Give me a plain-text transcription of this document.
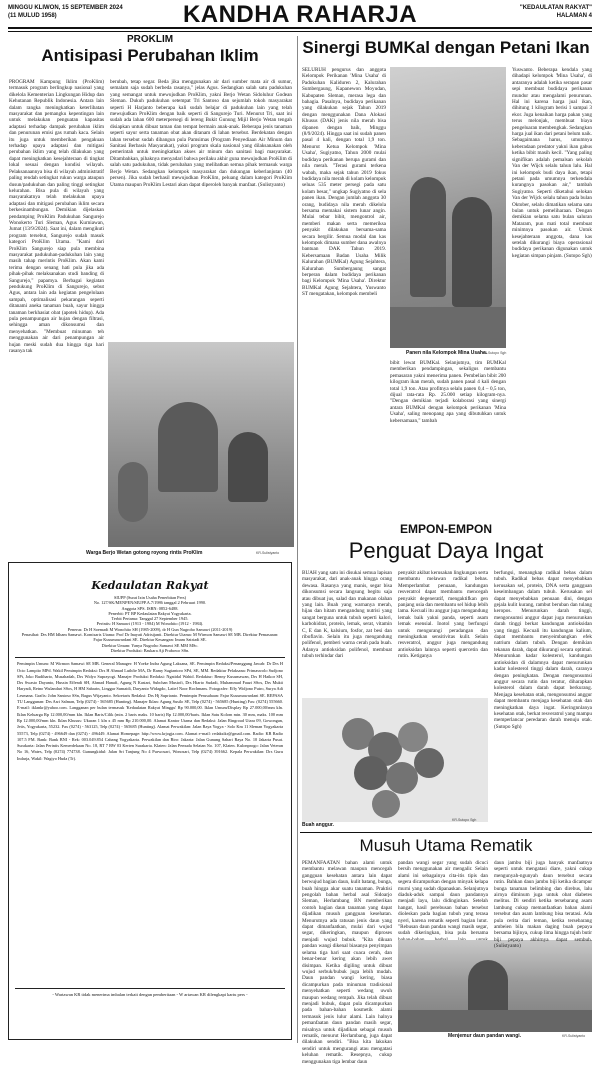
MINGGU KLIWON, 15 SEPTEMBER 2024
(11 MULUD 1958)	KANDHA RAHARJA	"KEDAULATAN RAKYAT"
HALAMAN 4
PROKLIM
Antisipasi Perubahan Iklim
PROGRAM Kampung Iklim (ProKlim) termasuk program berlingkup nasional yang dikelola Kementerian Lingkungan Hidup dan Kehutanan Republik Indonesia. Antara lain dalam rangka meningkatkan keterlibatan masyarakat dan pemangku kepentingan lain untuk melakukan penguatan kapasitas adaptasi terhadap dampak perubahan iklim dan penurunan emisi gas rumah kaca. Selain itu juga untuk memberikan pengakuan terhadap upaya adaptasi dan mitigasi perubahan iklim yang telah dilakukan yang dapat meningkatkan kesejahteraan di tingkat lokal sesuai dengan kondisi wilayah. Pelaksanaannya bisa di wilayah administratif paling rendah setingkat rukun warga ataupun dusun/padukuhan dan paling tinggi setingkat kelurahan. Bisa pula di wilayah yang masyarakatnya telah melakukan upaya adaptasi dan mitigasi perubahan iklim secara berkesinambungan. Demikian dijelaskan pendamping ProKlim Padukuhan Sangurejo Wonokerto Turi Sleman, Agus Kurniawan, Jumat (13/9/2024). Saat ini, dalam mengikuti program tersebut, Sangurejo sudah masuk kategori ProKlim Utama. "Kami dari ProKlim Sangurejo siap pula membina masyarakat padukuhan-padukuhan lain yang masih tahap merintis ProKlim. Akan kami terima dengan senang hati pula jika ada pihak-pihak melaksanakan studi banding di Sangurejo," papamya. Berbagai kegiatan pendukung ProKlim di Sangurejo, sebut Agus, antara lain ada kegiatan pengelolaan sampah, optimalisasi pekarangan seperti ditanami aneka tanaman buah, sayur hingga tanaman berkhasiat obat (apotek hidup). Ada pula penampungan air hujan dengan filtrasi, sehingga aman dikonsumsi dan menyehatkan. "Membuat minuman teh menggunakan air dari penampungan air hujan meski sudah dua hingga tiga hari rasanya tak
berubah, tetap segar. Beda jika menggunakan air dari sumber mata air di sumur, semalam saja sudah berbeda rasanya," jelas Agus. Sedangkan salah satu padukuhan yang semangat untuk mewujudkan ProKlim, yakni Berjo Wetan Sidoluhur Godean Sleman. Dukuh padukuhan setempat Tri Santoso dan sejumlah tokoh masyarakat seperti H Harjanto beberapa kali sudah belajar di padukuhan lain yang telah mewujudkan ProKlim dengan baik seperti di Sangurejo Turi. Menurut Tri, saat ini sudah ada lahan 600 meterpersegi di lereng Bukit Gunung Mijil Berjo Wetan tengah disiapkan untuk dibuat taman dan tempat bermain anak-anak. Beberapa jenis tanaman seperti sayur serta tanaman obat akan ditanam di lahan tersebut. Berdekatan dengan lahan tersebut sudah dibangun pula Pamsimas (Program Penyediaan Air Minum dan Sanitasi Berbasis Masyarakat), yakni program skala nasional yang dilaksanakan oleh pemerintah untuk meningkatkan akses air minum dan sanitasi bagi masyarakat. Ditambahkan, pihaknya menyadari bahwa perilaku akhir guna mewujudkan ProKlim di salah satu padukuhan, tidak perubahan yang melibatkan semua pihak termasuk warga Berjo Wetan. Sedangkan kelompok masyarakat dan dukungan keberlanjutan (40 persen). Jika sudah berhasil mewujudkan ProKlim, peluang dalam kategori ProKlim Utama maupun ProKlim Lestari akan dapat diperoleh banyak manfaat. (Sulistyanto)
Warga Berjo Wetan gotong royong rintis ProKlim	KR-Sulistyanto
Sinergi BUMKal dengan Petani Ikan
SELURUH pengurus dan anggota Kelompok Perikanan 'Mina Usaha' di Padukuhan Kaliduren 2, Kalurahan Sumbergaung, Kapanewon Moyudan, Kabupaten Sleman, merasa lega dan bahagia. Pasalnya, budidaya perikanan yang dilakukan sejak Tahun 2019 dengan menggunakan Dana Alokasi Khusus (DAK) jenis nila merah bisa dipanen dengan baik, Minggu (8/9/2024). Hingga saat ini sudah panen pasal 4 kali, dengan total 1,9 ton. Menurut Ketua Kelompok 'Mina Usaha', Sugiyatno, Tahun 2000 mulai budidaya perikanan berupa gurami dan nila merah. "Terasi gurami terkena wabah, maka sejak tahun 2019 fokus budidaya nila merah di kolam kelompok seluas 535 meter persegi pada satu kolam besar," ungkap Sugiyatno di sela panen ikan. Dengan jumlah anggota 30 orang, budidaya nila merah dikelola bersama memakai sistem lunar angin. Mulai tebar bibit, mengontrol air, memberi makan serta memeriksa penyakit dilakukan bersama-sama secara bergilir. Semua modal dan kas kelompok dimana sumber dana awalnya bantuan DAK Tahun 2019. Kebersamaan Badan Usaha Milik Kalurahan (BUMKal) Agung Sejahtera, Kalurahan Sumbergaung sangat berperan dalam budidaya perikanan bagi Kelompok 'Mina Usaha'. Direktur BUMKal Agung Sejahtera, Yuswanto ST mengatakan, kelompok membeli
Panen nila Kelompok Mina Usaha.
KR-Sutopo Sgh
bibit lewat BUMKal. Selanjutnya, tim BUMKal memberikan pendampingan, sekaligus membantu pemasaran yakni menerima panen. Pembelian bibit 200 kilogram ikan merah, sudah panen pasal 4 kali dengan total 1,9 ton. Atau profitnya selalu panen 0,4 – 0,5 ton, dijual rata-rata Rp. 25.000 setiap kilogram-nya. "Dengan demikian terjadi kolaborasi yang sinergi antara BUMKal dengan kelompok perikanan 'Mina Usaha', saling menopang apa yang dibutuhkan untuk kebersamaan," tambah
Yuswanto. Beberapa kendala yang dihadapi kelompok 'Mina Usaha', di antaranya adalah ketika serapan pasar sepi membuat budidaya perikanan mundur atau mengalami penurunan. Hal ini karena harga jual ikan, dihitung 1 kilogram berisi 1 sampai 3 ekor. Juga kenaikan harga pakan yang terus melonjak, membuat biaya pengeluaran membengkak. Sedangkan harga jual ikan dari petani belum naik. Sebagaimana harus, umumnya keberadaan predator yakni ikan gabus ketika bibit masih kecil. "Yang paling signifikan adalah pemalsan sekolah Van der Wijck selalu tahun lalu. Hal ini kelompok budi daya ikan, tetapi petani pada umumnya terkendala kurangnya pasokan air," tambah Sugiyatno. Seperti diketahui selokan Van der Wijck selalu tahun pada bulan Oktober, selalu dimatikan selama satu bulan untuk pemeliharaan. Dengan demikian selama satu bulan saluran Mataram, pun mati total membuat minimnya pasokan air. Untuk kesejahteraan anggota, dana kas setelah dikurangi biaya operasional budidaya perikanan digunakan untuk kegiatan simpan pinjam. (Sutopo Sgh)
Kedaulatan Rakyat
SIUPP (Surat Izin Usaha Penerbitan Pers)
No. 127/SK/MENPEN/SIUPP.A.7/1986 tanggal 2 Februari 1990.
Anggota SPS. ISBN: 0852-6488.
Penerbit: PT BP Kedaulatan Rakyat Yogyakarta.
Terbit Pertama: Tanggal 27 September 1945.
Perintis: H Samawi (1913 - 1984) M Wonohito (1912 - 1984).
Penerus: Dr H Soemadi M Wonohito SH (1985-2009), dr H Gun Nugroho Samawi (2011-2019)
Penasihat: Drs HM Idham Samawi. Komisaris Utama: Prof Dr Inayati Adrisijanti. Direktur Utama: M Wirmon Samawi SE MB. Direktur Pemasaran: Fajar Kusumawardani SE. Direktur Keuangan: Imam Satriadi SE.
Direktur Umum: Yanya Nugroho Samawi SE MM MSc.
Direktur Produksi: Baskara Aji Prabowo SSn.
Pemimpin Umum: M Wirmon Samawi SE MB. General Manager: H Yoeke Indra Agung Laksana, SE. Pemimpin Redaksi/Penanggung Jawab: Dr Drs H Octo Lampito MPd. Wakil Pemimpin Redaksi: Drs H Ahmad Luthfie MA, Dr Ramy Sugiantoro SPd, SE, MM. Redaktur Pelaksana: Primaswolo Sudjono SPt, Joko Budiharto, Musahadah, Drs Widyo Suprayogi. Manajer Produksi Redaksi: Ngatidal Wahid. Redaktur: Benny Kusumawan, Drs H Haikor SH, Drs Swasto Dayanto, Hussin Effendi SH, Ahmad Hanafi, Agung N Kastari, Subchan Mustofi, Drs Hiarto Sudadi, Muhammad Fauzi SSos, Drs Mukti Haryadi, Retno Wulandari SSos, H HM Sabarin, Linggar Sumaidi, Daryanto Widagdo, Latief Noor Rochmans. Fotografer: Effy Widjono Putro, Surya Adi Lesmana. Grafis: John Santoso SSn, Bagus Wijayanto. Sekretaris Redaksi: Drs Hj Suprianto. Pemimpin Perusahaan: Fajar Kusumawardani SE. REPASA TU Langgunan: Drs Asri Salman, Telp (0274) - 565685 (Hunting). Manajer Iklan: Agung Susilo SE, Telp (0274) - 565685 (Hunting) Fax: (0274) 555660. E-mail: iklankr@yahoo.com. Langganan per bulan termasuk 'Kedaulatan Rakyat Minggu' Rp 90.000,00. Iklan Umum/Display Rp 27.000,00/mm kln. Iklan Keluarga Rp 12.000,00/mm kln. Iklan Baris/Cilik (min. 2 baris maks. 10 baris) Rp 12.000,00/baris. Iklan Satu Kolom min. 30 mm, maks. 100 mm Rp 12.000,00/mm kln. Iklan Khusus: Ukuran 1 kln x 45 mm Rp 210.000,00. Alamat Kantor Utama dan Redaksi: Jalan Ringroad Utara 09, Gowongan, Jetis, Yogyakarta, 55232. Fax (0274) - 563125, Telp (0274) - 565685 (Hunting). Alamat Perwakilan: Jalan Raya Yogya - Solo Km 11 Sleman Yogyakarta 55573, Telp (0274) - 496649 dan (0274) - 496449. Alamat Homepage: http://www.krjogja.com. Alamat e-mail: redaksikr@gmail.com. Radio: KR Radio 107.5 FM. Bank: Bank BNI - Rek: 003.049.854 Cabang Yogyakarta. Perwakilan dan Biro: Jakarta: Jalan Gunung Sahari Raya No. 10 Jakarta Pusat. Surakarta: Jalan Perintis Kemerdekaan No. 18, RT 7 RW 03 Kerten Surakarta. Klaten: Jalan Pemuda Selatan No. 107, Klaten. Kulonprogo: Jalan Veteran No 16, Wates, Telp (0274) 774738. Gunungkidul: Jalan Sri Tanjung No 4 Purwosari, Wonosari, Telp (0274) 391662. Kepala Perwakilan: Drs Guru Indarja, Wakil: Wagiyo Huda (Tr).
- Wartawan KR tidak menerima imbalan terkait dengan pemberitaan - W artawan KR dilengkapi kartu pers -
EMPON-EMPON
Penguat Daya Ingat
BUAH yang satu ini disukai semua lapisan masyarakat, dari anak-anak hingga orang dewasa. Rasanya yang manis, segar bisa dikonsumsi secara langsung begitu saja atau dibuat jus, salad dan makanan olahan yang lain. Buah yang warnanya merah, hijau dan hitam mengandung nutrisi yang sangat berguna untuk tubuh seperti kalori, karbohidrat, protein, lemak, serat, vitamin C, E dan K, kalsium, fosfor, zat besi dan riboflavin. Selain itu juga mengandung polifenol, pemberi warna cerah pada buah. Adanya antioksidan polifenol, membuat tubuh terhindar dari
penyakit akibat kerusakan lingkungan serta membantu melawan radikal bebas. Memperlambat penuaan, kandungan resveratrol dapat membantu mencegah penyakit degeneratif, mengaktifkan gen panjang usia dan membantu sel hidup lebih lama. Kecuali itu anggur juga mengandung lemak baik yakni panda, seperti asam lemak esensial. Inotol yang berfungsi untuk mengurangi peradangan dan meningkatkan sensitivitas kulit. Selain resveratrol, anggur juga mengandung antioksidan lainnya seperti quercetin dan rutin. Ketiganya
berfungsi, menangkap radikal bebas dalam tubuh. Radikal bebas dapat menyebabkan kerusakan sel, protein, DNA serta gangguan keseimbangan dalam tubuh. Kerusakan sel dapat menyebabkan penuaan dini, dengan gejala kulit kurang, rambut beruban dan tulang keropos. Menurunkan darah tinggi, mengonsumsi anggur dapat juga menurunkan darah tinggi berkat kandungan antioksidan yang tinggi. Kecuali itu kandungan kalium, dapat membantu menyeimbangkan efek natrium dalam tubuh. Dengan demikian tekanan darah, dapat dikurangi secara optimal. Menurunkan kadar kolesterol, kandungan antioksidan di dalamnya dapat menurunkan kadar kolesterol tinggi dalam darah, caranya dengan peningkatan. Dengan mengonsumsi anggur secara rutin dan teratur, diharapkan kolesterol dalam darah dapat berkurang. Menjaga kesehatan otak, mengonsumsi anggur dapat membantu menjaga kesehatan otak dan meningkatkan daya ingat. Keringnnlanya kesehatan otak, berkat resveratrol yang mampu memperlancar peredaran darah menuju otak. (Sutopo Sgh)
Buah anggur.
KR-Sutopo Sgh
Musuh Utama Rematik
PEMANFAATAN bahan alami untuk membantu melawan maupun mencegah gangguan kesehatan antara lain dapat berwujud bagian daun, kulit batang, bunga, buah hingga akar suatu tanaman. Praktisi pengolah bahan herbal asal Sidoarjo Sleman, Herlambang BN memberikan contoh bagian daun tanaman yang dapat dijadikan musuh gangguan kesehatan. Menurutnya ada ratusan jenis daun yang dapat dimanfaatkan, mulai dari wujud segar, dikeringkan, maupun diproses menjadi wujud bubuk. "Kita dikuan pandan wangi dikenal biasanya penyimpan selama tiga hari saat cuaca cerah, dan benar-benar kering akan lebih awet disimpan. Ketika digiling untuk dibuat wujud serbuk/bubuk juga lebih mudah. Daun pandan wangi kering, biasa dicampurkan pada minuman tradisional menyehatkan seperti wedang uwuh maupun wedang rempah. Jika telah dibuat menjadi bubuk, dapat pula dicampurkan pada bahan-bahan kosmetik alami termasuk jenis lulur alami. Lain halnya pemanfaatan daun pandan masih segar, misalnya untuk dijadikan sebagai musuh rematik, menurut Herlambang, juga dapat dilakukan sendiri. "Bisa kita lakukan sendiri untuk mengurangi atau mengatasi keluhan rematik. Resepnya, cukup menggunakan tiga lembar daun
pandan wangi segar yang sudah dicuci bersih menggunakan air mengalir. Selain alami ini sebagainya cita-itis tipis dan segera dicampurkan dengan minyak kelapa murni yang sudah dipanaskan. Selanjutnya diaduk-aduk sampai daun pandannya menjadi layu, lalu didinginkan. Setelah hangat, hasil perebusan bahan tersebut dioleskan pada bagian tubuh yang terasa nyeri, karena rematik seperti bagian lutut. "Rebusan daun pandan wangi masih segar, sudah dikeringkan, bisa pula bersama
Menjemur daun pandan wangi.	KR-Sulistyanto
daun jambu biji juga banyak manfaatnya seperti untuk mengatasi diare, yakni cukup mengunyah-ngunyah daun tersebut secara rutin. Bahkan daun jambu biji ketika dicampur bunga tanaman belimbing dan direbus, lalu airnya diminum juga untuk obat diabetes melitus. Di sendiri ketika tersebarang asam lambung cukup memanfaatkan bahan alami tersebut dan asam lambung bisa teratasi. Ada pula cerita dari teman, ketika tersebarang ambeien bila makan daging buah pepaya bersama bijinya, cukup lima hingga tujuh butir biji pepaya akhirnya dapat sembuh. (Sulistyanto)
